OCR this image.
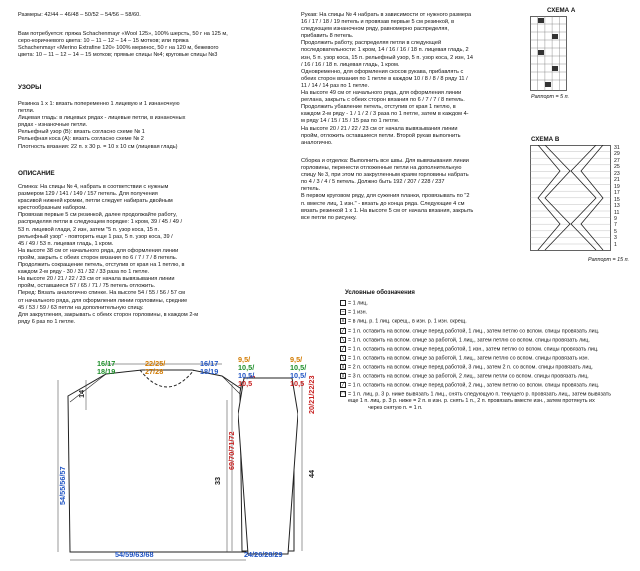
Размеры: 42/44 – 46/48 – 50/52 – 54/56 – 58/60.

Вам потребуется: пряжа Schachenmayr «Wool 125», 100% шерсть, 50 г на 125 м,

серо-коричневого цвета: 10 – 11 – 12 – 14 – 15 мотков; или пряжа

Schachenmayr «Merino Extrafine 120» 100% мериноc, 50 г на 120 м, бежевого

цвета: 10 – 11 – 12 – 14 – 15 мотков; прямые спицы №4; круговые спицы №3

УЗОРЫ

Резинка 1 х 1: вязать попеременно 1 лицевую и 1 изнаночную

петли.

Лицевая гладь: в лицевых рядах - лицевые петли, в изнаночных

рядах - изнаночные петли.

Рельефный узор (В): вязать согласно схеме № 1

Рельефная коса (А): вязать согласно схеме № 2

Плотность вязания: 22 п. х 30 р. = 10 х 10 см (лицевая гладь)

ОПИСАНИЕ

Спинка: На спицы № 4, набрать в соответствии с нужным

размером 129 / 141 / 149 / 157 петель. Для получения

красивой нижней кромки, петли следует набирать двойным

крестообразным набором.

Провязав первые 5 см резинкой, далее продолжайте работу,

распределяя петли в следующем порядке: 1 кром, 39 / 45 / 49 /

53 п. лицевой глади, 2 изн, затем "5 п. узор коса, 15 п.

рельефный узор" - повторить еще 1 раз, 5 п. узор коса, 39 /

45 / 49 / 53 п. лицевая гладь, 1 кром.

На высоте 38 см от начального ряда, для оформления линии

пройм, закрыть с обеих сторон вязания по 6 / 7 / 7 / 8 петель.

Продолжить сокращение петель, отступив от края на 1 петлю, в

каждом 2-м ряду - 30 / 31 / 32 / 33 раза по 1 петле.

На высоте 20 / 21 / 22 / 23 см от начала вывязывания линии

пройм, оставшиеся 57 / 65 / 71 / 75 петель отложить.

Перед: Вязать аналогично спинке. На высоте 54 / 55 / 56 / 57 см

от начального ряда, для оформления линии горловины, средние

45 / 53 / 59 / 63 петли на дополнительную спицу.

Для закругления, закрывать с обеих сторон горловины, в каждом 2-м

ряду 6 раз по 1 петле.

Рукав: На спицы № 4 набрать в зависимости от нужного размера

16 / 17 / 18 / 19 петель и провязав первые 5 см резинкой, в

следующем изнаночном ряду, равномерно распределяя,

прибавить 8 петель.

Продолжить работу, распределяя петли в следующей

последовательности: 1 кром, 14 / 16 / 16 / 18 п. лицевая гладь, 2

изн, 5 п. узор коса, 15 п. рельефный узор, 5 п. узор коса, 2 изн, 14

/ 16 / 16 / 18 п. лицевая гладь, 1 кром.

Одновременно, для оформления скосов рукава, прибавлять с

обеих сторон вязания по 1 петле в каждом 10 / 8 / 8 / 8 ряду 11 /

11 / 14 / 14 раз по 1 петле.

На высоте 49 см от начального ряда, для оформления линии

реглана, закрыть с обеих сторон вязания по 6 / 7 / 7 / 8 петель.

Продолжить убавление петель, отступив от края 1 петлю, в

каждом 2-м ряду - 1 / 1 / 2 / 3 раза по 1 петле, затем в каждом 4-

м ряду 14 / 15 / 15 / 15 раз по 1 петле.

На высоте 20 / 21 / 22 / 23 см от начала вывязывания линии

пройм, отложить оставшиеся петли. Второй рукав выполнить

аналогично.

Сборка и отделка: Выполнить все швы. Для вывязывания линии

горловины, перенести отложенные петли на дополнительную

спицу № 3, при этом по закругленным краям горловины набрать

по 4 / 3 / 4 / 5 петель. Должно быть 192 / 207 / 228 / 237

петель.

В первом круговом ряду, для сужения планки, провязывать по "2

п. вместе лиц, 1 изн." - вязать до конца ряда. Следующие 4 см

вязать резинкой 1 х 1. На высоте 5 см от начала вязания, закрыть

все петли по рисунку.

СХЕМА А
Раппорт = 5 п.
СХЕМА В
31
29
27
25
23
21
19
17
15
13
11
9
7
5
3
1
Раппорт = 15 п.
Условные обозначения
= 1 лиц.
– = 1 изн.
ʌ = в лиц. р. 1 лиц. скрещ., в изн. р. 1 изн. скрещ.
╱ = 1 п. оставить на вспом. спице перед работой, 1 лиц., затем петлю со вспом. спицы провязать лиц.
╲ = 1 п. оставить на вспом. спице за работой, 1 лиц., затем петлю со вспом. спицы провязать лиц.
╱ = 1 п. оставить на вспом. спице перед работой, 1 изн., затем петлю со вспом. спицы провязать лиц.
╲ = 1 п. оставить на вспом. спице за работой, 1 лиц., затем петлю со вспом. спицы провязать изн.
╳ = 2 п. оставить на вспом. спице перед работой, 3 лиц., затем 2 п. со вспом. спицы провязать лиц.
╳ = 3 п. оставить на вспом. спице за работой, 2 лиц., затем петли со вспом. спицы провязать лиц.
╱ = 1 п. оставить на вспом. спице перед работой, 2 лиц., затем петлю со вспом. спицы провязать лиц.
◠ = 1 п. лиц. р. 3 р. ниже вывязать 1 лиц., снять следующую п. текущего р. провязать лиц., затем вывязать
еще 1 п. лиц. р. 3 р. ниже = 2 п. в изн. р. снять 1 п., 2 п. провязать вместе изн., затем протянуть их
через снятую п. = 1 п.
16/17
18/19
22/25/
27/28
16/17
18/19
14
33
54/55/56/57
54/59/63/68
9,5/
10,5/
10,5/
10,5
9,5/
10,5/
10,5/
10,5
69/70/71/72
20/21/22/23
44
24/26/28/29
